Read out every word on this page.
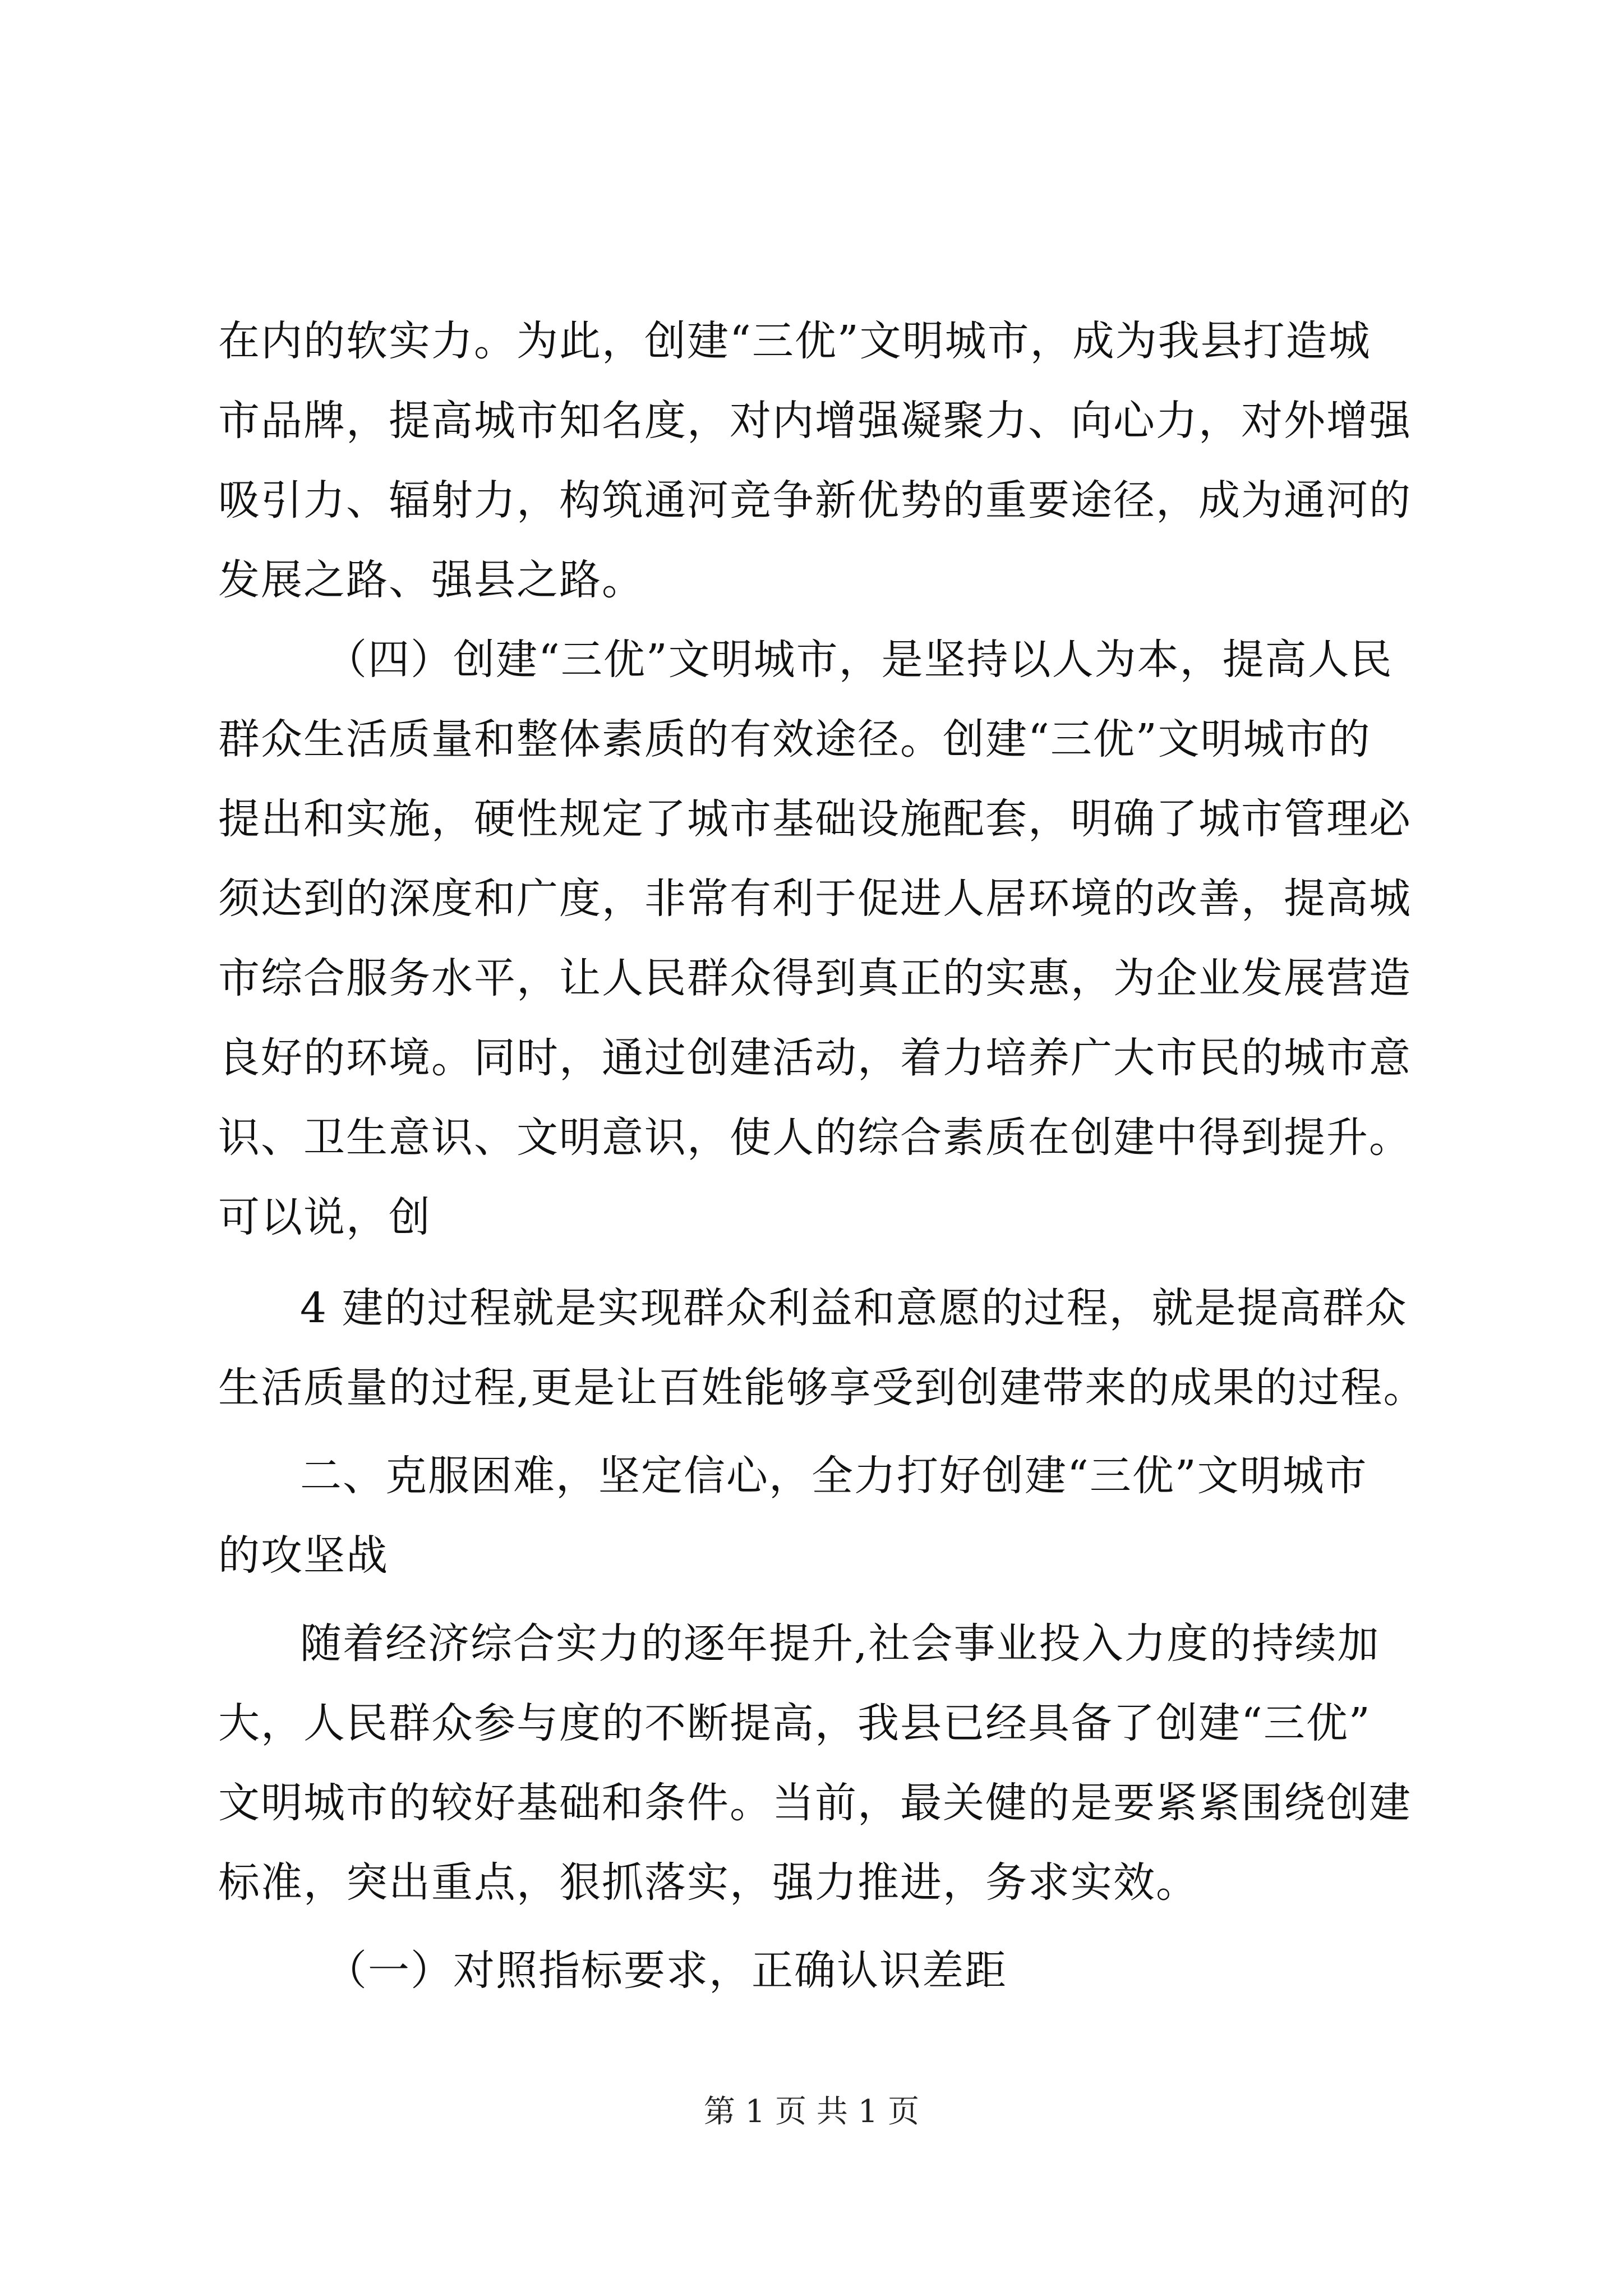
在内的软实力。为此，创建“三优”文明城市，成为我县打造城
市品牌，提高城市知名度，对内增强凝聚力、向心力，对外增强
吸引力、辐射力，构筑通河竞争新优势的重要途径，成为通河的
发展之路、强县之路。
（四）创建“三优”文明城市，是坚持以人为本，提高人民
群众生活质量和整体素质的有效途径。创建“三优”文明城市的
提出和实施，硬性规定了城市基础设施配套，明确了城市管理必
须达到的深度和广度，非常有利于促进人居环境的改善，提高城
市综合服务水平，让人民群众得到真正的实惠，为企业发展营造
良好的环境。同时，通过创建活动，着力培养广大市民的城市意
识、卫生意识、文明意识，使人的综合素质在创建中得到提升。
可以说，创
4 建的过程就是实现群众利益和意愿的过程，就是提高群众
生活质量的过程,更是让百姓能够享受到创建带来的成果的过程。
二、克服困难，坚定信心，全力打好创建“三优”文明城市
的攻坚战
随着经济综合实力的逐年提升,社会事业投入力度的持续加
大，人民群众参与度的不断提高，我县已经具备了创建“三优”
文明城市的较好基础和条件。当前，最关健的是要紧紧围绕创建
标准，突出重点，狠抓落实，强力推进，务求实效。
（一）对照指标要求，正确认识差距
第 1 页 共 1 页
